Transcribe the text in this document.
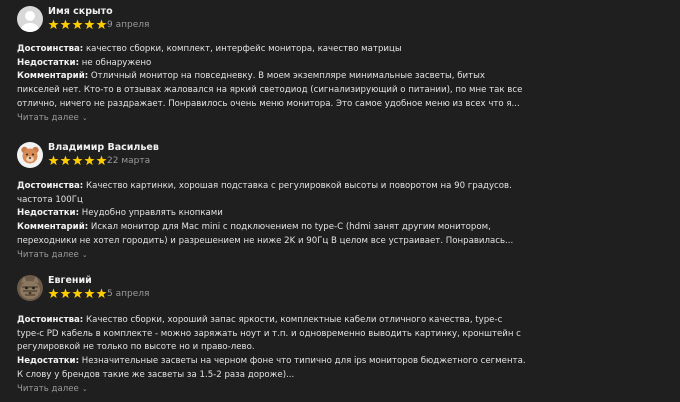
Имя скрыто
9 апреля
Достоинства: качество сборки, комплект, интерфейс монитора, качество матрицы
Недостатки: не обнаружено
Комментарий: Отличный монитор на повседневку. В моем экземпляре минимальные засветы, битых
пикселей нет. Кто-то в отзывах жаловался на яркий светодиод (сигнализирующий о питании), по мне так все
отлично, ничего не раздражает. Понравилось очень меню монитора. Это самое удобное меню из всех что я...
Читать далее ⌄
Владимир Васильев
22 марта
Достоинства: Качество картинки, хорошая подставка с регулировкой высоты и поворотом на 90 градусов.
частота 100Гц
Недостатки: Неудобно управлять кнопками
Комментарий: Искал монитор для Mac mini с подключением по type-C (hdmi занят другим монитором,
переходники не хотел городить) и разрешением не ниже 2K и 90Гц В целом все устраивает. Понравилась...
Читать далее ⌄
Евгений
5 апреля
Достоинства: Качество сборки, хороший запас яркости, комплектные кабели отличного качества, type-c
type-c PD кабель в комплекте - можно заряжать ноут и т.п. и одновременно выводить картинку, кронштейн с
регулировкой не только по высоте но и право-лево.
Недостатки: Незначительные засветы на черном фоне что типично для ips мониторов бюджетного сегмента.
К слову у брендов такие же засветы за 1.5-2 раза дороже)...
Читать далее ⌄
